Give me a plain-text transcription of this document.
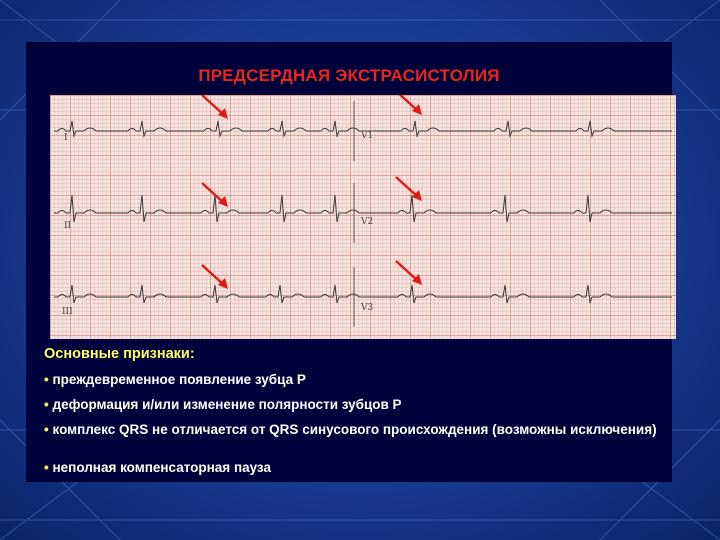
ПРЕДСЕРДНАЯ ЭКСТРАСИСТОЛИЯ
I
II
III
V1
V2
V3
Основные признаки:
• преждевременное появление зубца Р
• деформация и/или изменение полярности зубцов Р
• комплекс QRS не отличается от QRS синусового происхождения (возможны исключения)
• неполная компенсаторная пауза
